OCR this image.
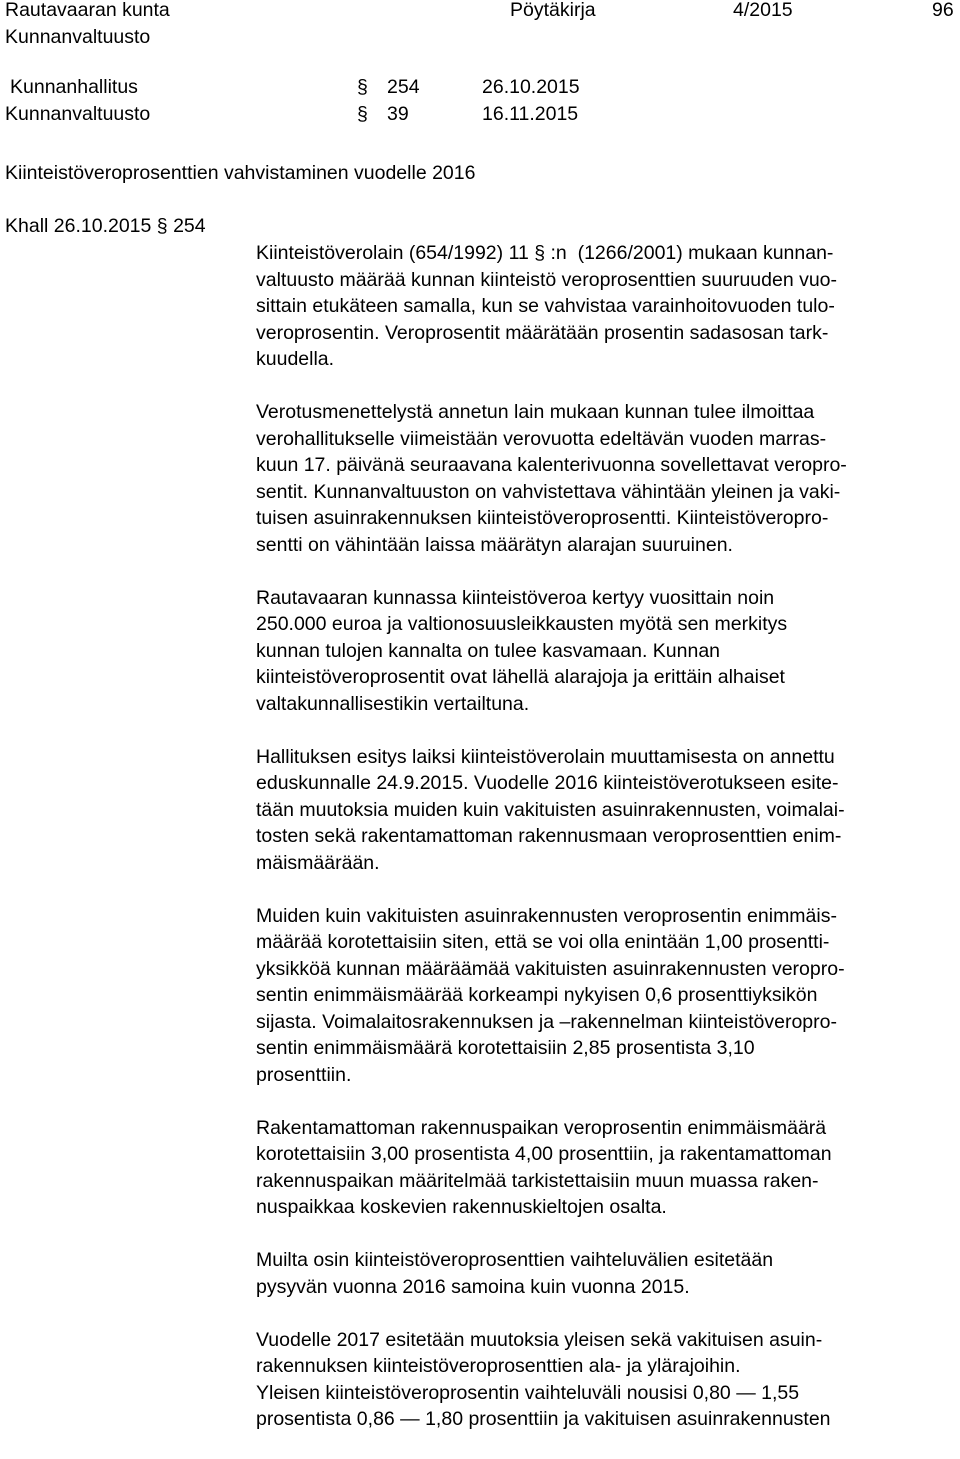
Rautavaaran kunta
Kunnanvaltuusto
Pöytäkirja	4/2015	96
Kunnanhallitus	§ 254	26.10.2015
Kunnanvaltuusto	§ 39	16.11.2015
Kiinteistöveroprosenttien vahvistaminen vuodelle 2016
Khall 26.10.2015 § 254
Kiinteistöverolain (654/1992) 11 § :n  (1266/2001) mukaan kunnan-
valtuusto määrää kunnan kiinteistö veroprosenttien suuruuden vuo-
sittain etukäteen samalla, kun se vahvistaa varainhoitovuoden tulo-
veroprosentin. Veroprosentit määrätään prosentin sadasosan tark-
kuudella.
Verotusmenettelystä annetun lain mukaan kunnan tulee ilmoittaa
verohallitukselle viimeistään verovuotta edeltävän vuoden marras-
kuun 17. päivänä seuraavana kalenterivuonna sovellettavat veropro-
sentit. Kunnanvaltuuston on vahvistettava vähintään yleinen ja vaki-
tuisen asuinrakennuksen kiinteistöveroprosentti. Kiinteistöveropro-
sentti on vähintään laissa määrätyn alarajan suuruinen.
Rautavaaran kunnassa kiinteistöveroa kertyy vuosittain noin
250.000 euroa ja valtionosuusleikkausten myötä sen merkitys
kunnan tulojen kannalta on tulee kasvamaan. Kunnan
kiinteistöveroprosentit ovat lähellä alarajoja ja erittäin alhaiset
valtakunnallisestikin vertailtuna.
Hallituksen esitys laiksi kiinteistöverolain muuttamisesta on annettu
eduskunnalle 24.9.2015. Vuodelle 2016 kiinteistöverotukseen esite-
tään muutoksia muiden kuin vakituisten asuinrakennusten, voimalai-
tosten sekä rakentamattoman rakennusmaan veroprosenttien enim-
mäismäärään.
Muiden kuin vakituisten asuinrakennusten veroprosentin enimmäis-
määrää korotettaisiin siten, että se voi olla enintään 1,00 prosentti-
yksikköä kunnan määräämää vakituisten asuinrakennusten veropro-
sentin enimmäismäärää korkeampi nykyisen 0,6 prosenttiyksikön
sijasta. Voimalaitosrakennuksen ja –rakennelman kiinteistöveropro-
sentin enimmäismäärä korotettaisiin 2,85 prosentista 3,10
prosenttiin.
Rakentamattoman rakennuspaikan veroprosentin enimmäismäärä
korotettaisiin 3,00 prosentista 4,00 prosenttiin, ja rakentamattoman
rakennuspaikan määritelmää tarkistettaisiin muun muassa raken-
nuspaikkaa koskevien rakennuskieltojen osalta.
Muilta osin kiinteistöveroprosenttien vaihteluvälien esitetään
pysyvän vuonna 2016 samoina kuin vuonna 2015.
Vuodelle 2017 esitetään muutoksia yleisen sekä vakituisen asuin-
rakennuksen kiinteistöveroprosenttien ala- ja ylärajoihin.
Yleisen kiinteistöveroprosentin vaihteluväli nousisi 0,80 — 1,55
prosentista 0,86 — 1,80 prosenttiin ja vakituisen asuinrakennusten
